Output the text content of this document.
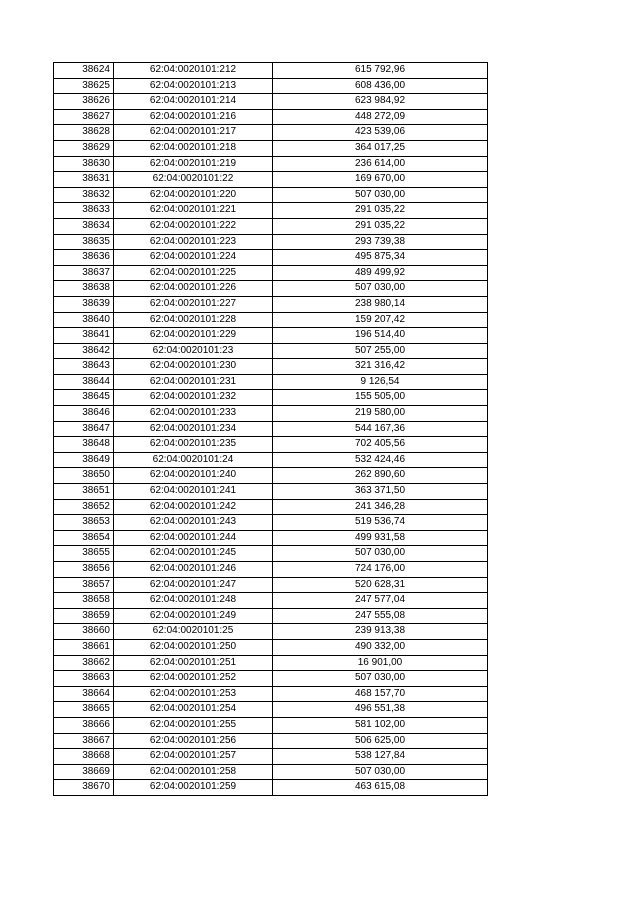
38624	62:04:0020101:212	615 792,96
38625	62:04:0020101:213	608 436,00
38626	62:04:0020101:214	623 984,92
38627	62:04:0020101:216	448 272,09
38628	62:04:0020101:217	423 539,06
38629	62:04:0020101:218	364 017,25
38630	62:04:0020101:219	236 614,00
38631	62:04:0020101:22	169 670,00
38632	62:04:0020101:220	507 030,00
38633	62:04:0020101:221	291 035,22
38634	62:04:0020101:222	291 035,22
38635	62:04:0020101:223	293 739,38
38636	62:04:0020101:224	495 875,34
38637	62:04:0020101:225	489 499,92
38638	62:04:0020101:226	507 030,00
38639	62:04:0020101:227	238 980,14
38640	62:04:0020101:228	159 207,42
38641	62:04:0020101:229	196 514,40
38642	62:04:0020101:23	507 255,00
38643	62:04:0020101:230	321 316,42
38644	62:04:0020101:231	9 126,54
38645	62:04:0020101:232	155 505,00
38646	62:04:0020101:233	219 580,00
38647	62:04:0020101:234	544 167,36
38648	62:04:0020101:235	702 405,56
38649	62:04:0020101:24	532 424,46
38650	62:04:0020101:240	262 890,60
38651	62:04:0020101:241	363 371,50
38652	62:04:0020101:242	241 346,28
38653	62:04:0020101:243	519 536,74
38654	62:04:0020101:244	499 931,58
38655	62:04:0020101:245	507 030,00
38656	62:04:0020101:246	724 176,00
38657	62:04:0020101:247	520 628,31
38658	62:04:0020101:248	247 577,04
38659	62:04:0020101:249	247 555,08
38660	62:04:0020101:25	239 913,38
38661	62:04:0020101:250	490 332,00
38662	62:04:0020101:251	16 901,00
38663	62:04:0020101:252	507 030,00
38664	62:04:0020101:253	468 157,70
38665	62:04:0020101:254	496 551,38
38666	62:04:0020101:255	581 102,00
38667	62:04:0020101:256	506 625,00
38668	62:04:0020101:257	538 127,84
38669	62:04:0020101:258	507 030,00
38670	62:04:0020101:259	463 615,08
